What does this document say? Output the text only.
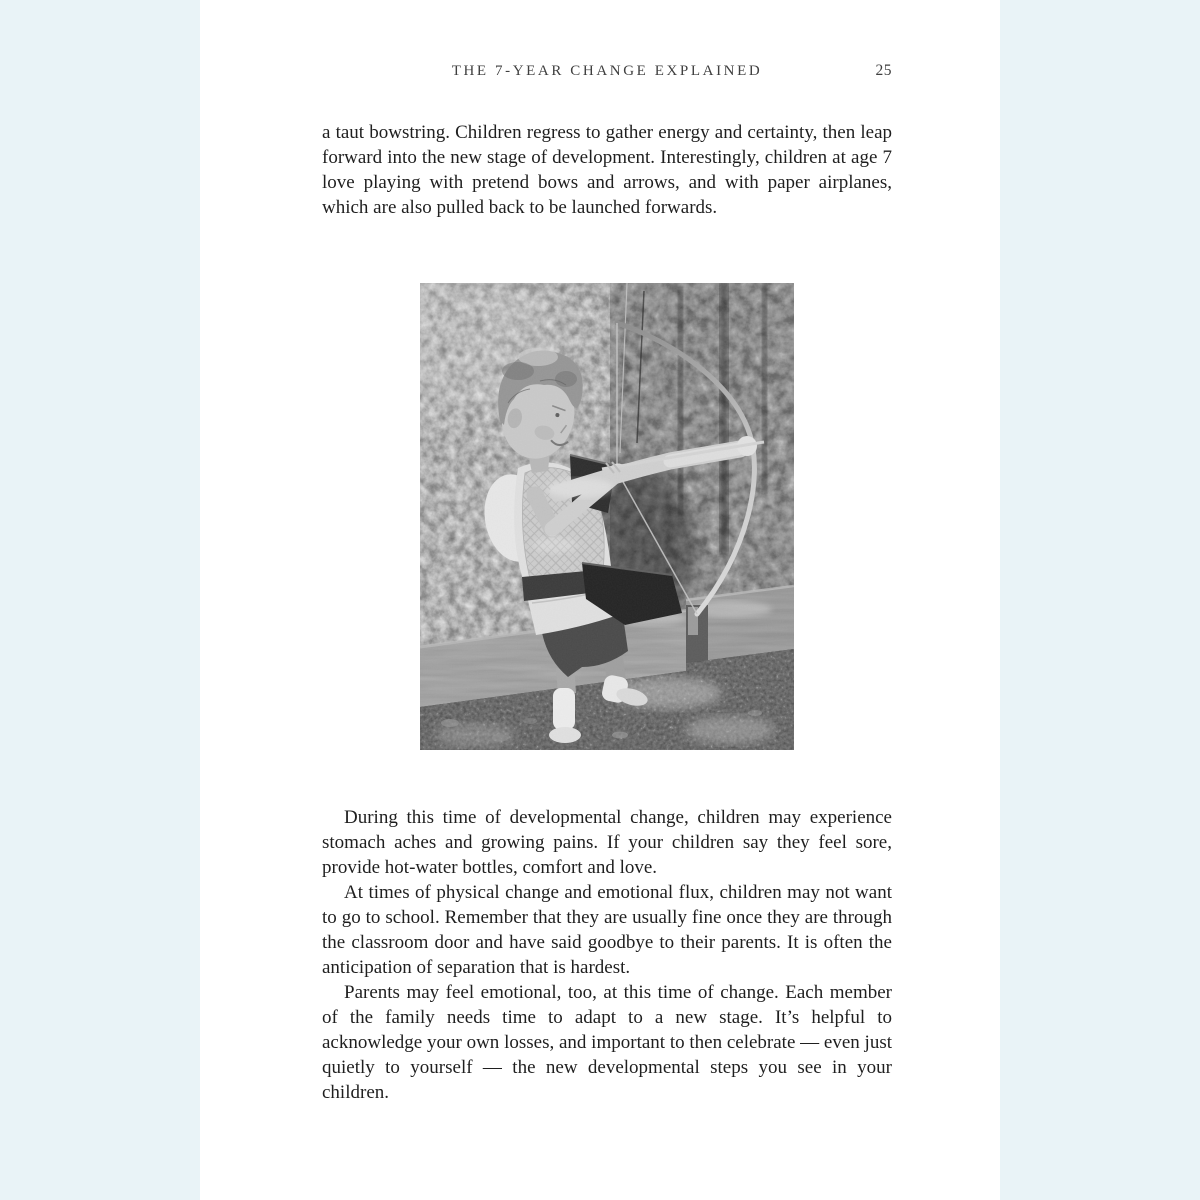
THE 7-YEAR CHANGE EXPLAINED	25

a taut bowstring. Children regress to gather energy and certainty, then leap forward into the new stage of development. Interestingly, children at age 7 love playing with pretend bows and arrows, and with paper airplanes, which are also pulled back to be launched forwards.

During this time of developmental change, children may experience stomach aches and growing pains. If your children say they feel sore, provide hot-water bottles, comfort and love.

At times of physical change and emotional flux, children may not want to go to school. Remember that they are usually fine once they are through the classroom door and have said goodbye to their parents. It is often the anticipation of separation that is hardest.

Parents may feel emotional, too, at this time of change. Each member of the family needs time to adapt to a new stage. It’s helpful to acknowledge your own losses, and important to then celebrate — even just quietly to yourself — the new developmental steps you see in your children.
